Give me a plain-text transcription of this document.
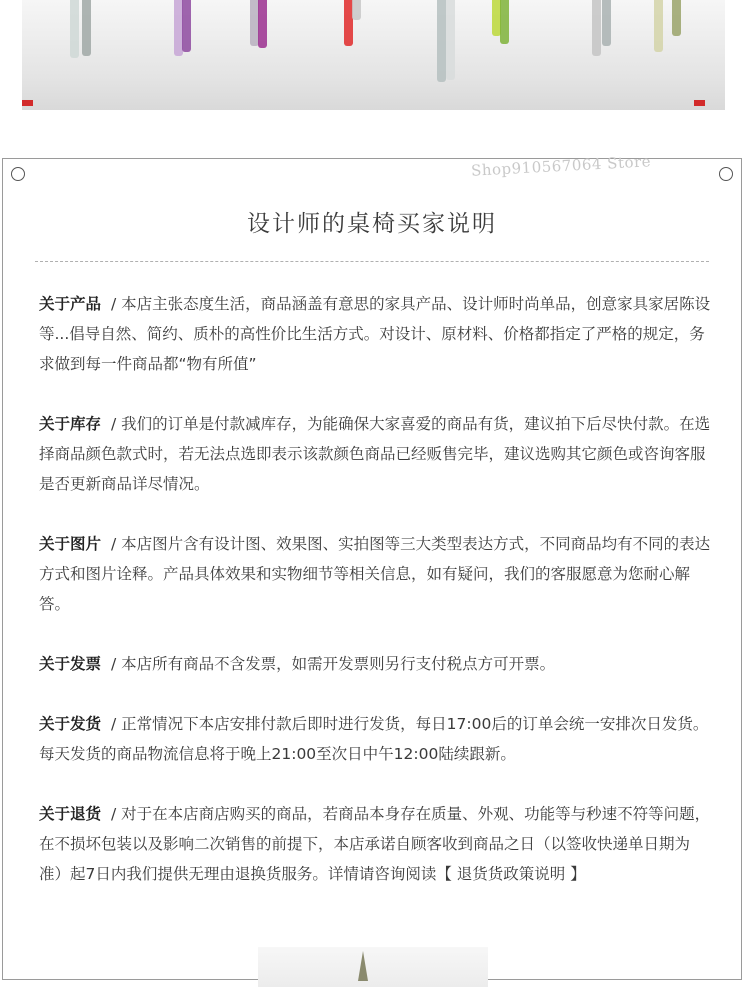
Shop910567064 Store
设计师的桌椅买家说明
关于产品 / 本店主张态度生活，商品涵盖有意思的家具产品、设计师时尚单品，创意家具家居陈设等...倡导自然、简约、质朴的高性价比生活方式。对设计、原材料、价格都指定了严格的规定，务求做到每一件商品都“物有所值”
关于库存 / 我们的订单是付款减库存，为能确保大家喜爱的商品有货，建议拍下后尽快付款。在选择商品颜色款式时，若无法点选即表示该款颜色商品已经贩售完毕，建议选购其它颜色或咨询客服是否更新商品详尽情况。
关于图片 / 本店图片含有设计图、效果图、实拍图等三大类型表达方式，不同商品均有不同的表达方式和图片诠释。产品具体效果和实物细节等相关信息，如有疑问，我们的客服愿意为您耐心解答。
关于发票 / 本店所有商品不含发票，如需开发票则另行支付税点方可开票。
关于发货 / 正常情况下本店安排付款后即时进行发货，每日17:00后的订单会统一安排次日发货。每天发货的商品物流信息将于晚上21:00至次日中午12:00陆续跟新。
关于退货 / 对于在本店商店购买的商品，若商品本身存在质量、外观、功能等与秒速不符等问题，在不损坏包装以及影响二次销售的前提下，本店承诺自顾客收到商品之日（以签收快递单日期为准）起7日内我们提供无理由退换货服务。详情请咨询阅读【 退货货政策说明 】
